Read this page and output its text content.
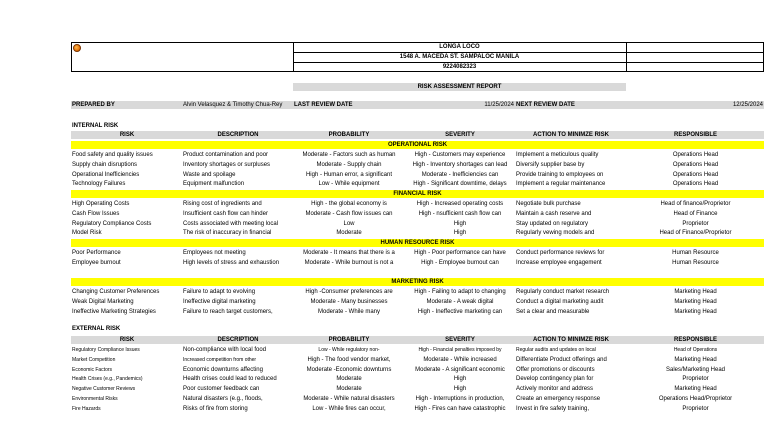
LONGA LOCO
1548 A. MACEDA ST. SAMPALOC MANILA
9224082323
RISK ASSESSMENT REPORT
PREPARED BY	Alvin Velasquez & Timothy Chua-Rey	LAST REVIEW DATE	11/25/2024 NEXT REVIEW DATE	12/25/2024
INTERNAL RISK
RISK	DESCRIPTION	PROBABILITY	SEVERITY	ACTION TO MINIMZE RISK	RESPONSIBLE
OPERATIONAL RISK
Food safety and quality issues	Product contamination and poor	Moderate - Factors such as human	High - Customers may experience	Implement a meticulous quality	Operations Head
Supply chain disruptions	Inventory shortages or surpluses	Moderate - Supply chain	High - Inventory shortages can lead	Diversify supplier base by	Operations Head
Operational Inefficiencies	Waste and spoilage	High - Human error, a significant	Moderate - Inefficiencies can	Provide training to employees on	Operations Head
Technology Failures	Equipment malfunction	Low - While equipment	High - Significant downtime, delays	Implement a regular maintenance	Operations Head
FINANCIAL RISK
High Operating Costs	Rising cost of ingredients and	High - the global economy is	High - Increased operating costs	Negotiate bulk purchase	Head of finance/Proprietor
Cash Flow Issues	Insufficient cash flow can hinder	Moderate - Cash flow issues can	High - nsufficient cash flow can	Maintain a cash reserve and	Head of Finance
Regulatory Compliance Costs	Costs associated with meeting local	Low	High	Stay updated on regulatory	Proprietor
Model Risk	The risk of inaccuracy in financial	Moderate	High	Regularly vewing models and	Head of Finance/Proprietor
HUMAN RESOURCE RISK
Poor Performance	Employees not meeting	Moderate - It means that there is a	High - Poor performance can have	Conduct performance reviews for	Human Resource
Employee burnout	High levels of stress and exhaustion	Moderate - While burnout is not a	High - Employee burnout can	Increase employee engagement	Human Resource
MARKETING RISK
Changing Customer Preferences	Failure to adapt to evolving	High -Consumer preferences are	High - Failing to adapt to changing	Regularly conduct market research	Marketing Head
Weak Digital Marketing	Ineffective digital marketing	Moderate - Many businesses	Moderate - A weak digital	Conduct a digital marketing audit	Marketing Head
Ineffective Marketing Strategies	Failure to reach target customers,	Moderate - While many	High - Ineffective marketing can	Set a clear and measurable	Marketing Head
EXTERNAL RISK
RISK	DESCRIPTION	PROBABILITY	SEVERITY	ACTION TO MINIMZE RISK	RESPONSIBLE
Regulatory Compliance Issues	Non-compliance with local food	Low - While regulatory non-	High - Financial penalties imposed by	Regular audits and updates on local	Head of Operations
Market Competition	Increased competition from other	High - The food vendor market,	Moderate - While increased	Differentiate Product offerings and	Marketing Head
Economic Factors	Economic downturns affecting	Moderate -Economic downturns	Moderate - A significant economic	Offer promotions or discounts	Sales/Marketing Head
Health Crises (e.g., Pandemics)	Health crises could lead to reduced	Moderate	High	Develop contingency plan for	Proprietor
Negative Customer Reviews	Poor customer feedback can	Moderate	High	Actively monitor and address	Marketing Head
Environmental Risks	Natural disasters (e.g., floods,	Moderate - While natural disasters	High - Interruptions in production,	Create an emergency response	Operations Head/Proprietor
Fire Hazards	Risks of fire from storing	Low - While fires can occur,	High - Fires can have catastrophic	Invest in fire safety training,	Proprietor
